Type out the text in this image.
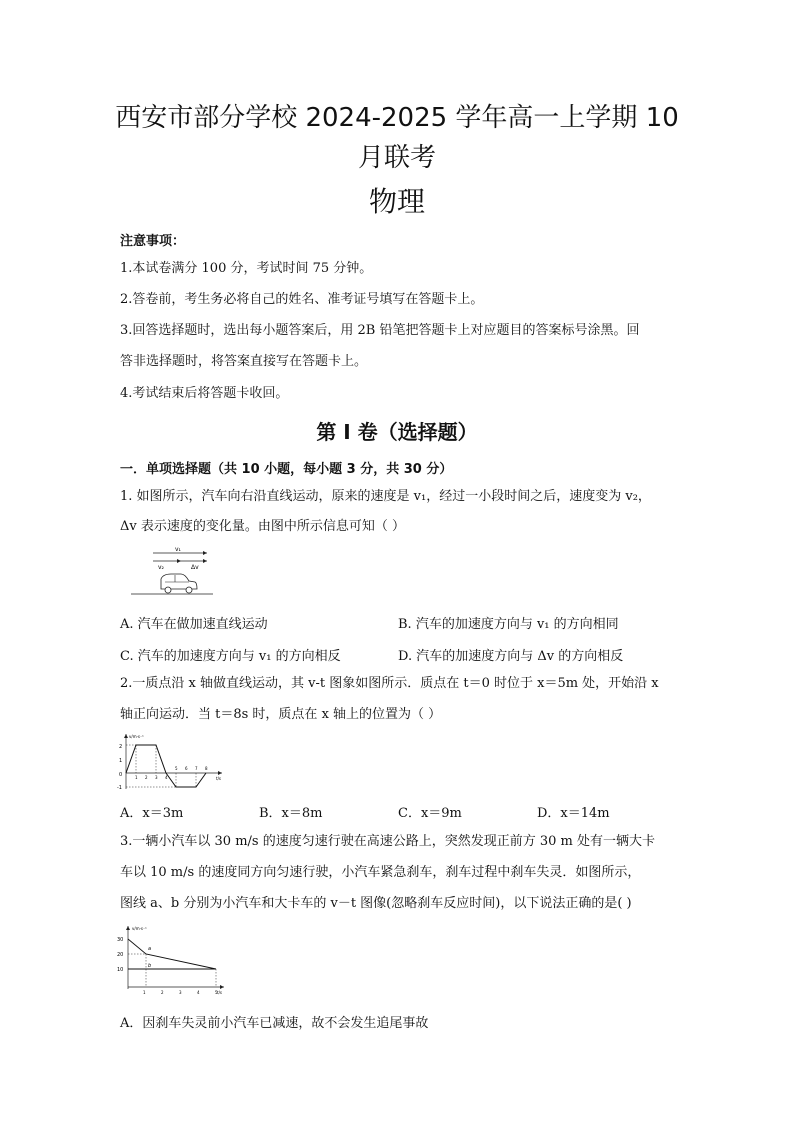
西安市部分学校 2024-2025 学年高一上学期 10
月联考
物理
注意事项：
1.本试卷满分 100 分，考试时间 75 分钟。
2.答卷前，考生务必将自己的姓名、准考证号填写在答题卡上。
3.回答选择题时，选出每小题答案后，用 2B 铅笔把答题卡上对应题目的答案标号涂黑。回
答非选择题时，将答案直接写在答题卡上。
4.考试结束后将答题卡收回。
第 I 卷（选择题）
一．单项选择题（共 10 小题，每小题 3 分，共 30 分）
1. 如图所示，汽车向右沿直线运动，原来的速度是 v₁，经过一小段时间之后，速度变为 v₂，
Δv 表示速度的变化量。由图中所示信息可知（ ）
v₁
v₂	Δv
A. 汽车在做加速直线运动	B. 汽车的加速度方向与 v₁ 的方向相同
C. 汽车的加速度方向与 v₁ 的方向相反	D. 汽车的加速度方向与 Δv 的方向相反
2.一质点沿 x 轴做直线运动，其 v-t 图象如图所示．质点在 t＝0 时位于 x＝5m 处，开始沿 x
轴正向运动．当 t＝8s 时，质点在 x 轴上的位置为（ ）
v/m·s⁻¹
t/s
2
1
0
-1
1 2 3 4
5 6 7 8
A．x＝3m	B．x＝8m	C．x＝9m	D．x＝14m
3.一辆小汽车以 30 m/s 的速度匀速行驶在高速公路上，突然发现正前方 30 m 处有一辆大卡
车以 10 m/s 的速度同方向匀速行驶，小汽车紧急刹车，刹车过程中刹车失灵．如图所示，
图线 a、b 分别为小汽车和大卡车的 v－t 图像(忽略刹车反应时间)，以下说法正确的是( )
v/m·s⁻¹
t/s
30
20
10
1	2	3	4	5
a
b
A．因刹车失灵前小汽车已减速，故不会发生追尾事故
